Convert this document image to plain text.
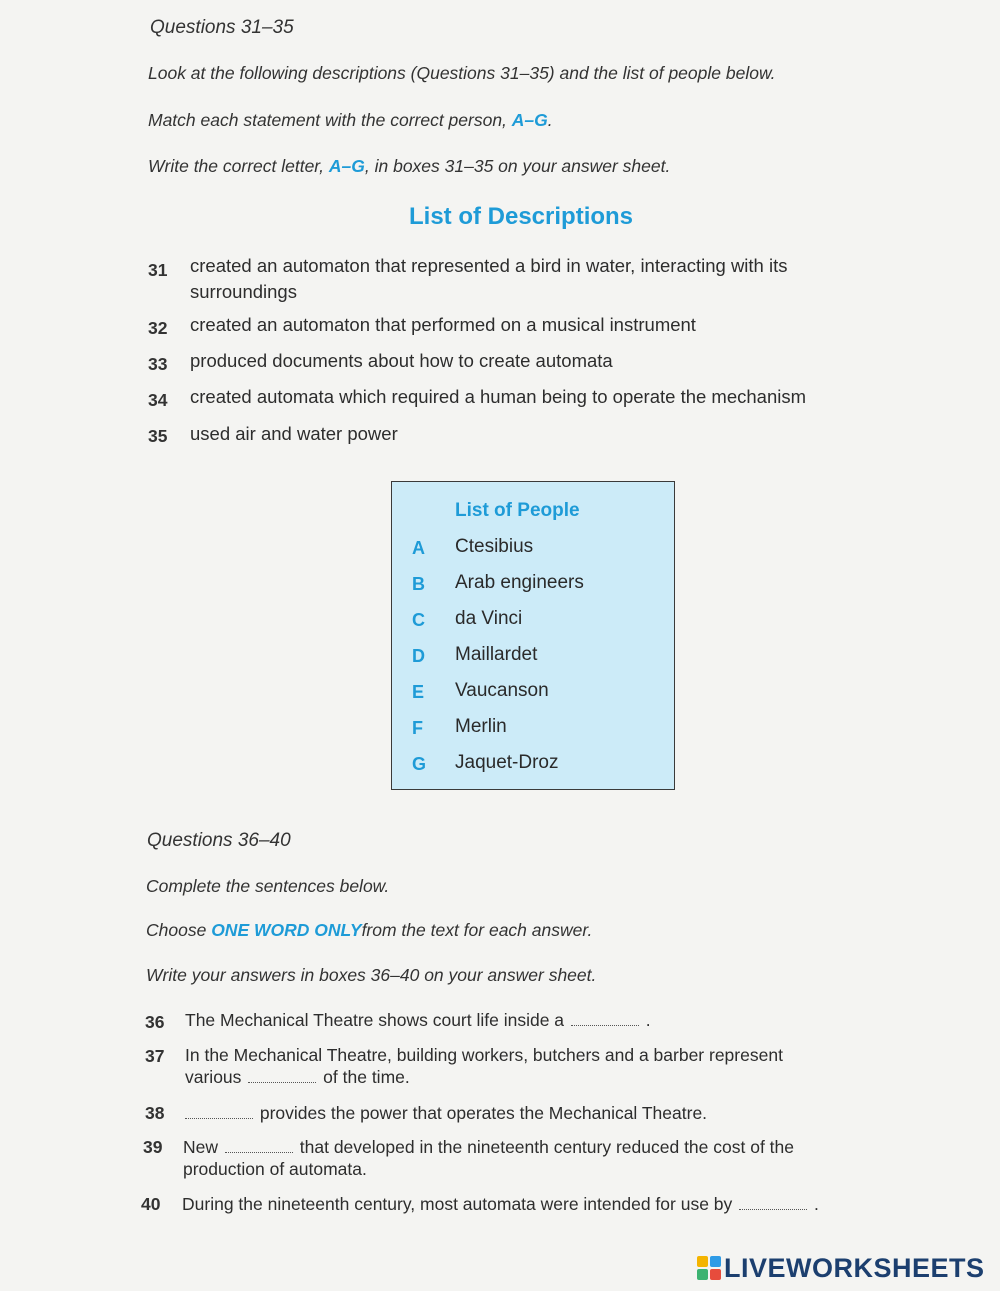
Questions 31–35
Look at the following descriptions (Questions 31–35) and the list of people below.
Match each statement with the correct person, A–G.
Write the correct letter, A–G, in boxes 31–35 on your answer sheet.
List of Descriptions
31 created an automaton that represented a bird in water, interacting with its
surroundings
32 created an automaton that performed on a musical instrument
33 produced documents about how to create automata
34 created automata which required a human being to operate the mechanism
35 used air and water power
List of People
A Ctesibius
B Arab engineers
C da Vinci
D Maillardet
E Vaucanson
F Merlin
G Jaquet-Droz
Questions 36–40
Complete the sentences below.
Choose ONE WORD ONLYfrom the text for each answer.
Write your answers in boxes 36–40 on your answer sheet.
36 The Mechanical Theatre shows court life inside a	.
37 In the Mechanical Theatre, building workers, butchers and a barber represent
various	of the time.
38	provides the power that operates the Mechanical Theatre.
39 New	that developed in the nineteenth century reduced the cost of the
production of automata.
40 During the nineteenth century, most automata were intended for use by	.
LIVEWORKSHEETS
